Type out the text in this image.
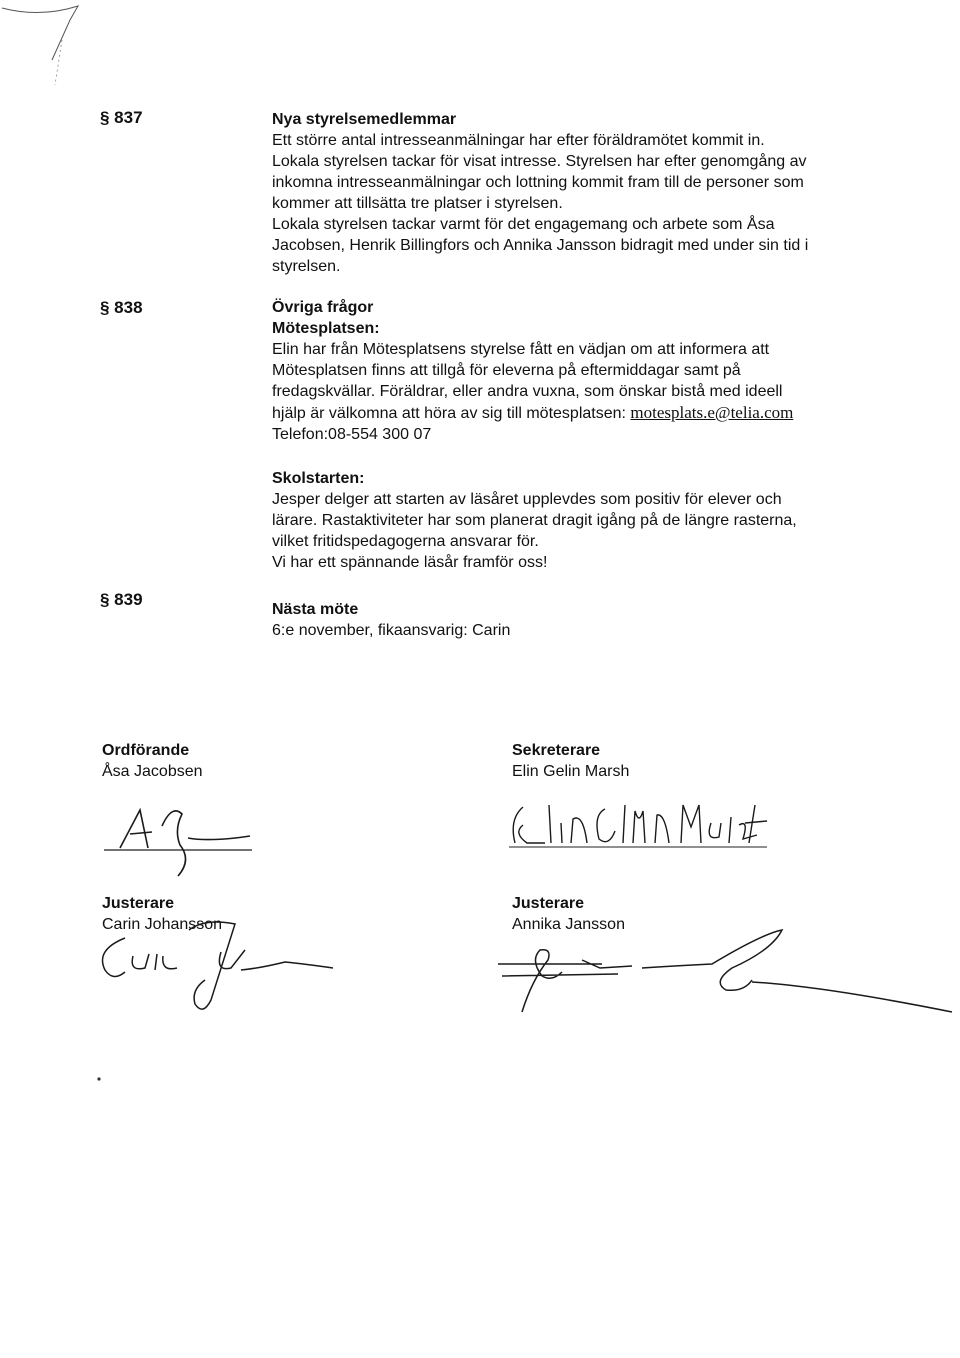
§ 837	Nya styrelsemedlemmar
Ett större antal intresseanmälningar har efter föräldramötet kommit in.
Lokala styrelsen tackar för visat intresse. Styrelsen har efter genomgång av
inkomna intresseanmälningar och lottning kommit fram till de personer som
kommer att tillsätta tre platser i styrelsen.
Lokala styrelsen tackar varmt för det engagemang och arbete som Åsa
Jacobsen, Henrik Billingfors och Annika Jansson bidragit med under sin tid i
styrelsen.
§ 838	Övriga frågor
Mötesplatsen:
Elin har från Mötesplatsens styrelse fått en vädjan om att informera att
Mötesplatsen finns att tillgå för eleverna på eftermiddagar samt på
fredagskvällar. Föräldrar, eller andra vuxna, som önskar bistå med ideell
hjälp är välkomna att höra av sig till mötesplatsen: motesplats.e@telia.com
Telefon:08-554 300 07
Skolstarten:
Jesper delger att starten av läsåret upplevdes som positiv för elever och
lärare. Rastaktiviteter har som planerat dragit igång på de längre rasterna,
vilket fritidspedagogerna ansvarar för.
Vi har ett spännande läsår framför oss!
§ 839
Nästa möte
6:e november, fikaansvarig: Carin
Ordförande
Åsa Jacobsen
Sekreterare
Elin Gelin Marsh
Justerare
Carin Johansson
Justerare
Annika Jansson
